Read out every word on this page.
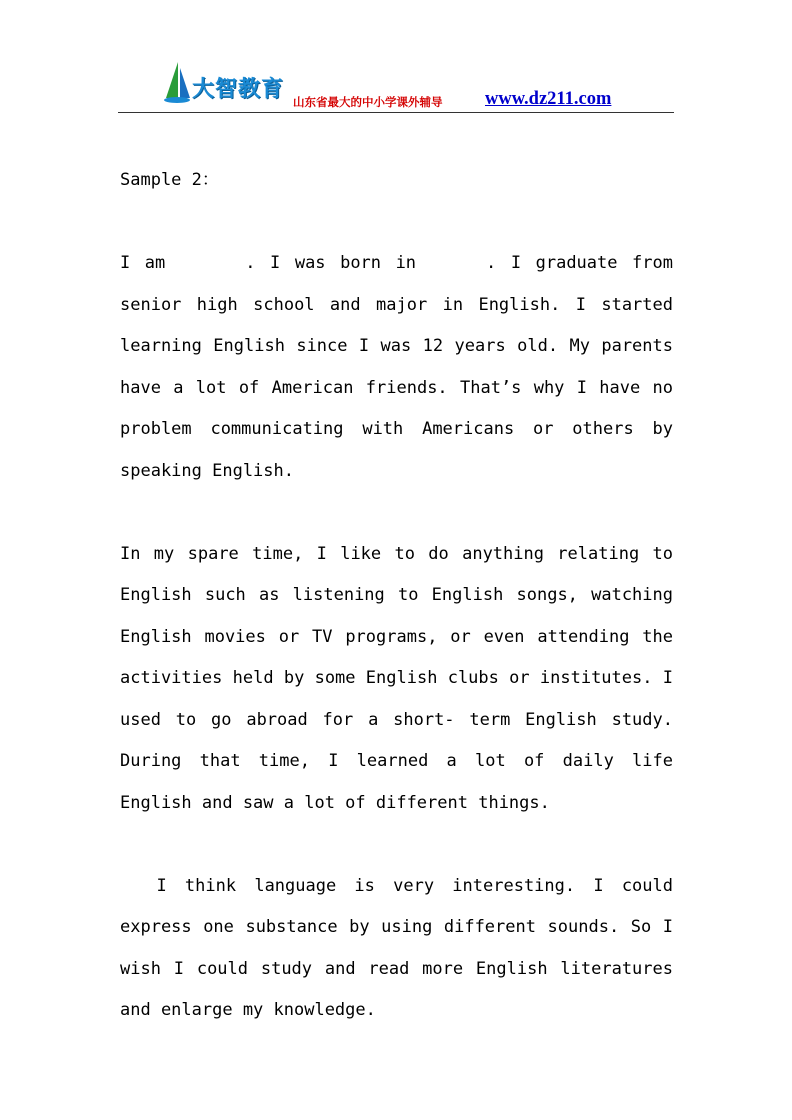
大智教育 山东省最大的中小学课外辅导 www.dz211.com

Sample 2：

I am	. I was born in	. I graduate from senior high school and major in English. I started learning English since I was 12 years old. My parents have a lot of American friends. That’s why I have no problem communicating with Americans or others by speaking English.

In my spare time, I like to do anything relating to English such as listening to English songs, watching English movies or TV programs, or even attending the activities held by some English clubs or institutes. I used to go abroad for a short- term English study. During that time, I learned a lot of daily life English and saw a lot of different things.

I think language is very interesting. I could express one substance by using different sounds. So I wish I could study and read more English literatures and enlarge my knowledge.
